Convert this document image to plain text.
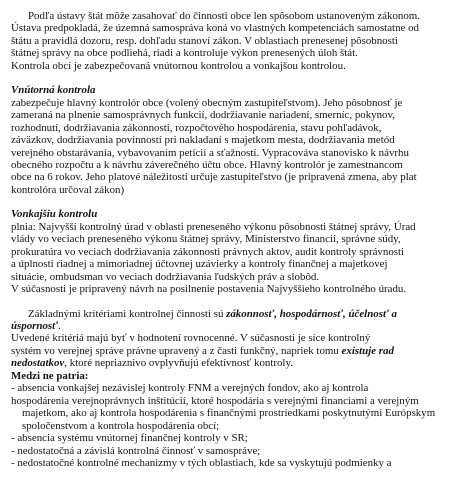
Podľa ústavy štát môže zasahovať do činnosti obce len spôsobom ustanoveným zákonom.

Ústava predpokladá, že územná samospráva koná vo vlastných kompetenciách samostatne od

štátu a pravidlá dozoru, resp. dohľadu stanoví zákon. V oblastiach prenesenej pôsobnosti

štátnej správy na obce podliehá, riadi a kontroluje výkon prenesených úloh štát.

Kontrola obcí je zabezpečovaná vnútornou kontrolou a vonkajšou kontrolou.

Vnútorná kontrola

zabezpečuje hlavný kontrolór obce (volený obecným zastupiteľstvom). Jeho pôsobnosť je

zameraná na plnenie samosprávnych funkcií, dodržiavanie nariadení, smerníc, pokynov,

rozhodnutí, dodržiavania zákonnosti, rozpočtového hospodárenia, stavu pohľadávok,

záväzkov, dodržiavania povinností pri nakladaní s majetkom mesta, dodržiavania metód

verejného obstarávania, vybavovaním petícií a sťažností. Vypracováva stanovisko k návrhu

obecného rozpočtu a k návrhu záverečného účtu obce. Hlavný kontrolór je zamestnancom

obce na 6 rokov. Jeho platové náležitosti určuje zastupiteľstvo (je pripravená zmena, aby plat

kontrolóra určoval zákon)

Vonkajšiu kontrolu

plnia: Najvyšší kontrolný úrad v oblasti preneseného výkonu pôsobnosti štátnej správy, Úrad

vlády vo veciach preneseného výkonu štátnej správy, Ministerstvo financií, správne súdy,

prokuratúra vo veciach dodržiavania zákonnosti právnych aktov, audit kontroly správnosti

a úplnosti riadnej a mimoriadnej účtovnej uzávierky a kontroly finančnej a majetkovej

situácie, ombudsman vo veciach dodržiavania ľudských práv a slobôd.

V súčasnosti je pripravený návrh na posilnenie postavenia Najvyššieho kontrolného úradu.

Základnými kritériami kontrolnej činnosti sú zákonnosť, hospodárnosť, účelnosť a

úspornosť.

Uvedené kritériá majú byť v hodnotení rovnocenné. V súčasnosti je síce kontrolný

systém vo verejnej správe právne upravený a z časti funkčný, napriek tomu existuje rad

nedostatkov, ktoré nepriaznivo ovplyvňujú efektívnosť kontroly.

Medzi ne patria:

- absencia vonkajšej nezávislej kontroly FNM a verejných fondov, ako aj kontrola

hospodárenia verejnoprávnych inštitúcií, ktoré hospodária s verejnými financiami a verejným

majetkom, ako aj kontrola hospodárenia s finančnými prostriedkami poskytnutými Európskym

spoločenstvom a kontrola hospodárenia obcí;

- absencia systému vnútornej finančnej kontroly v SR;

- nedostatočná a závislá kontrolná činnosť v samospráve;

- nedostatočné kontrolné mechanizmy v tých oblastiach, kde sa vyskytujú podmienky a
